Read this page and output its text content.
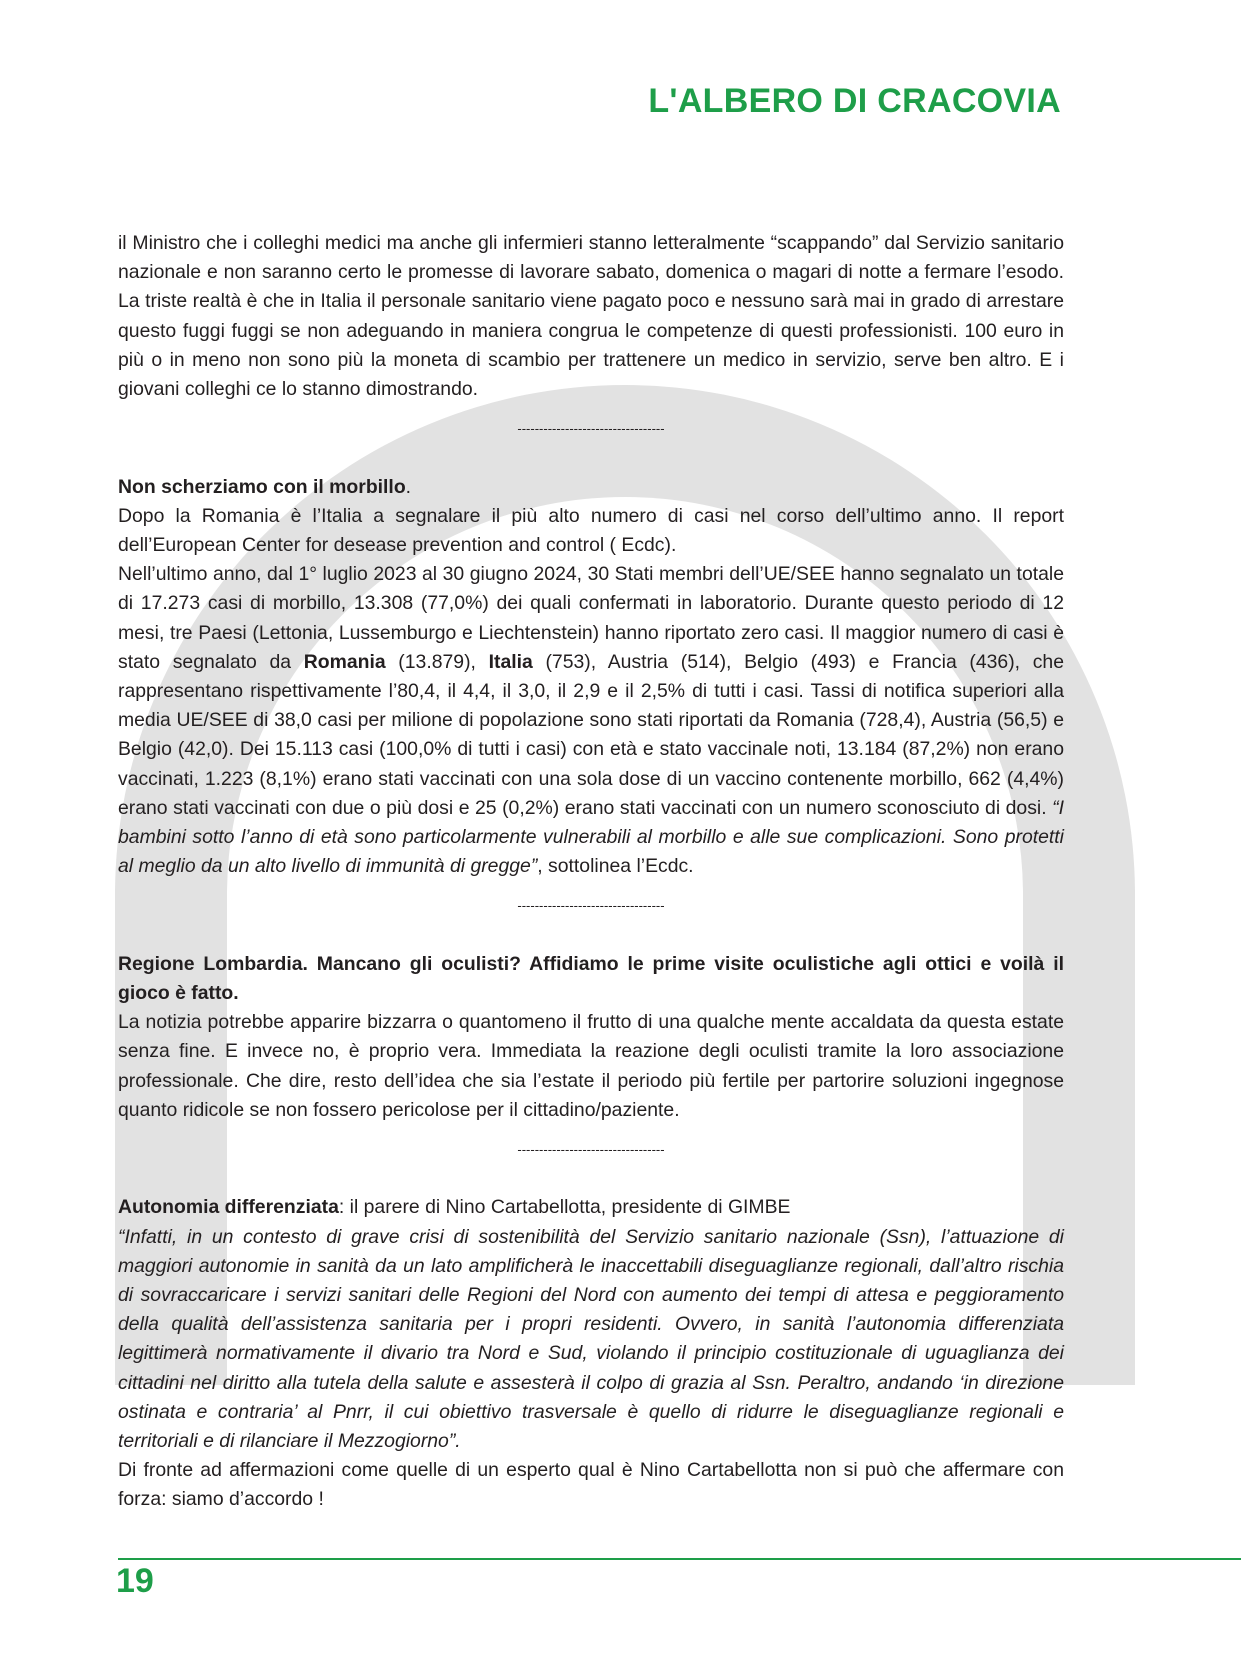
L'ALBERO DI CRACOVIA

il Ministro che i colleghi medici ma anche gli infermieri stanno letteralmente “scappando” dal Servizio sanitario nazionale e non saranno certo le promesse di lavorare sabato, domenica o magari di notte a fermare l’esodo. La triste realtà è che in Italia il personale sanitario viene pagato poco e nessuno sarà mai in grado di arrestare questo fuggi fuggi se non adeguando in maniera congrua le competenze di questi professionisti. 100 euro in più o in meno non sono più la moneta di scambio per trattenere un medico in servizio, serve ben altro. E i giovani colleghi ce lo stanno dimostrando.

----------------------------------

Non scherziamo con il morbillo.

Dopo la Romania è l’Italia a segnalare il più alto numero di casi nel corso dell’ultimo anno. Il report dell’European Center for desease prevention and control ( Ecdc).

Nell’ultimo anno, dal 1° luglio 2023 al 30 giugno 2024, 30 Stati membri dell’UE/SEE hanno segnalato un totale di 17.273 casi di morbillo, 13.308 (77,0%) dei quali confermati in laboratorio. Durante questo periodo di 12 mesi, tre Paesi (Lettonia, Lussemburgo e Liechtenstein) hanno riportato zero casi. Il maggior numero di casi è stato segnalato da Romania (13.879), Italia (753), Austria (514), Belgio (493) e Francia (436), che rappresentano rispettivamente l’80,4, il 4,4, il 3,0, il 2,9 e il 2,5% di tutti i casi. Tassi di notifica superiori alla media UE/SEE di 38,0 casi per milione di popolazione sono stati riportati da Romania (728,4), Austria (56,5) e Belgio (42,0). Dei 15.113 casi (100,0% di tutti i casi) con età e stato vaccinale noti, 13.184 (87,2%) non erano vaccinati, 1.223 (8,1%) erano stati vaccinati con una sola dose di un vaccino contenente morbillo, 662 (4,4%) erano stati vaccinati con due o più dosi e 25 (0,2%) erano stati vaccinati con un numero sconosciuto di dosi. “I bambini sotto l’anno di età sono particolarmente vulnerabili al morbillo e alle sue complicazioni. Sono protetti al meglio da un alto livello di immunità di gregge”, sottolinea l’Ecdc.

----------------------------------

Regione Lombardia. Mancano gli oculisti? Affidiamo le prime visite oculistiche agli ottici e voilà il gioco è fatto.

La notizia potrebbe apparire bizzarra o quantomeno il frutto di una qualche mente accaldata da questa estate senza fine. E invece no, è proprio vera. Immediata la reazione degli oculisti tramite la loro associazione professionale. Che dire, resto dell’idea che sia l’estate il periodo più fertile per partorire soluzioni ingegnose quanto ridicole se non fossero pericolose per il cittadino/paziente.

----------------------------------

Autonomia differenziata: il parere di Nino Cartabellotta, presidente di GIMBE

“Infatti, in un contesto di grave crisi di sostenibilità del Servizio sanitario nazionale (Ssn), l’attuazione di maggiori autonomie in sanità da un lato amplificherà le inaccettabili diseguaglianze regionali, dall’altro rischia di sovraccaricare i servizi sanitari delle Regioni del Nord con aumento dei tempi di attesa e peggioramento della qualità dell’assistenza sanitaria per i propri residenti. Ovvero, in sanità l’autonomia differenziata legittimerà normativamente il divario tra Nord e Sud, violando il principio costituzionale di uguaglianza dei cittadini nel diritto alla tutela della salute e assesterà il colpo di grazia al Ssn. Peraltro, andando ‘in direzione ostinata e contraria’ al Pnrr, il cui obiettivo trasversale è quello di ridurre le diseguaglianze regionali e territoriali e di rilanciare il Mezzogiorno”.

Di fronte ad affermazioni come quelle di un esperto qual è Nino Cartabellotta non si può che affermare con forza: siamo d’accordo !

19
